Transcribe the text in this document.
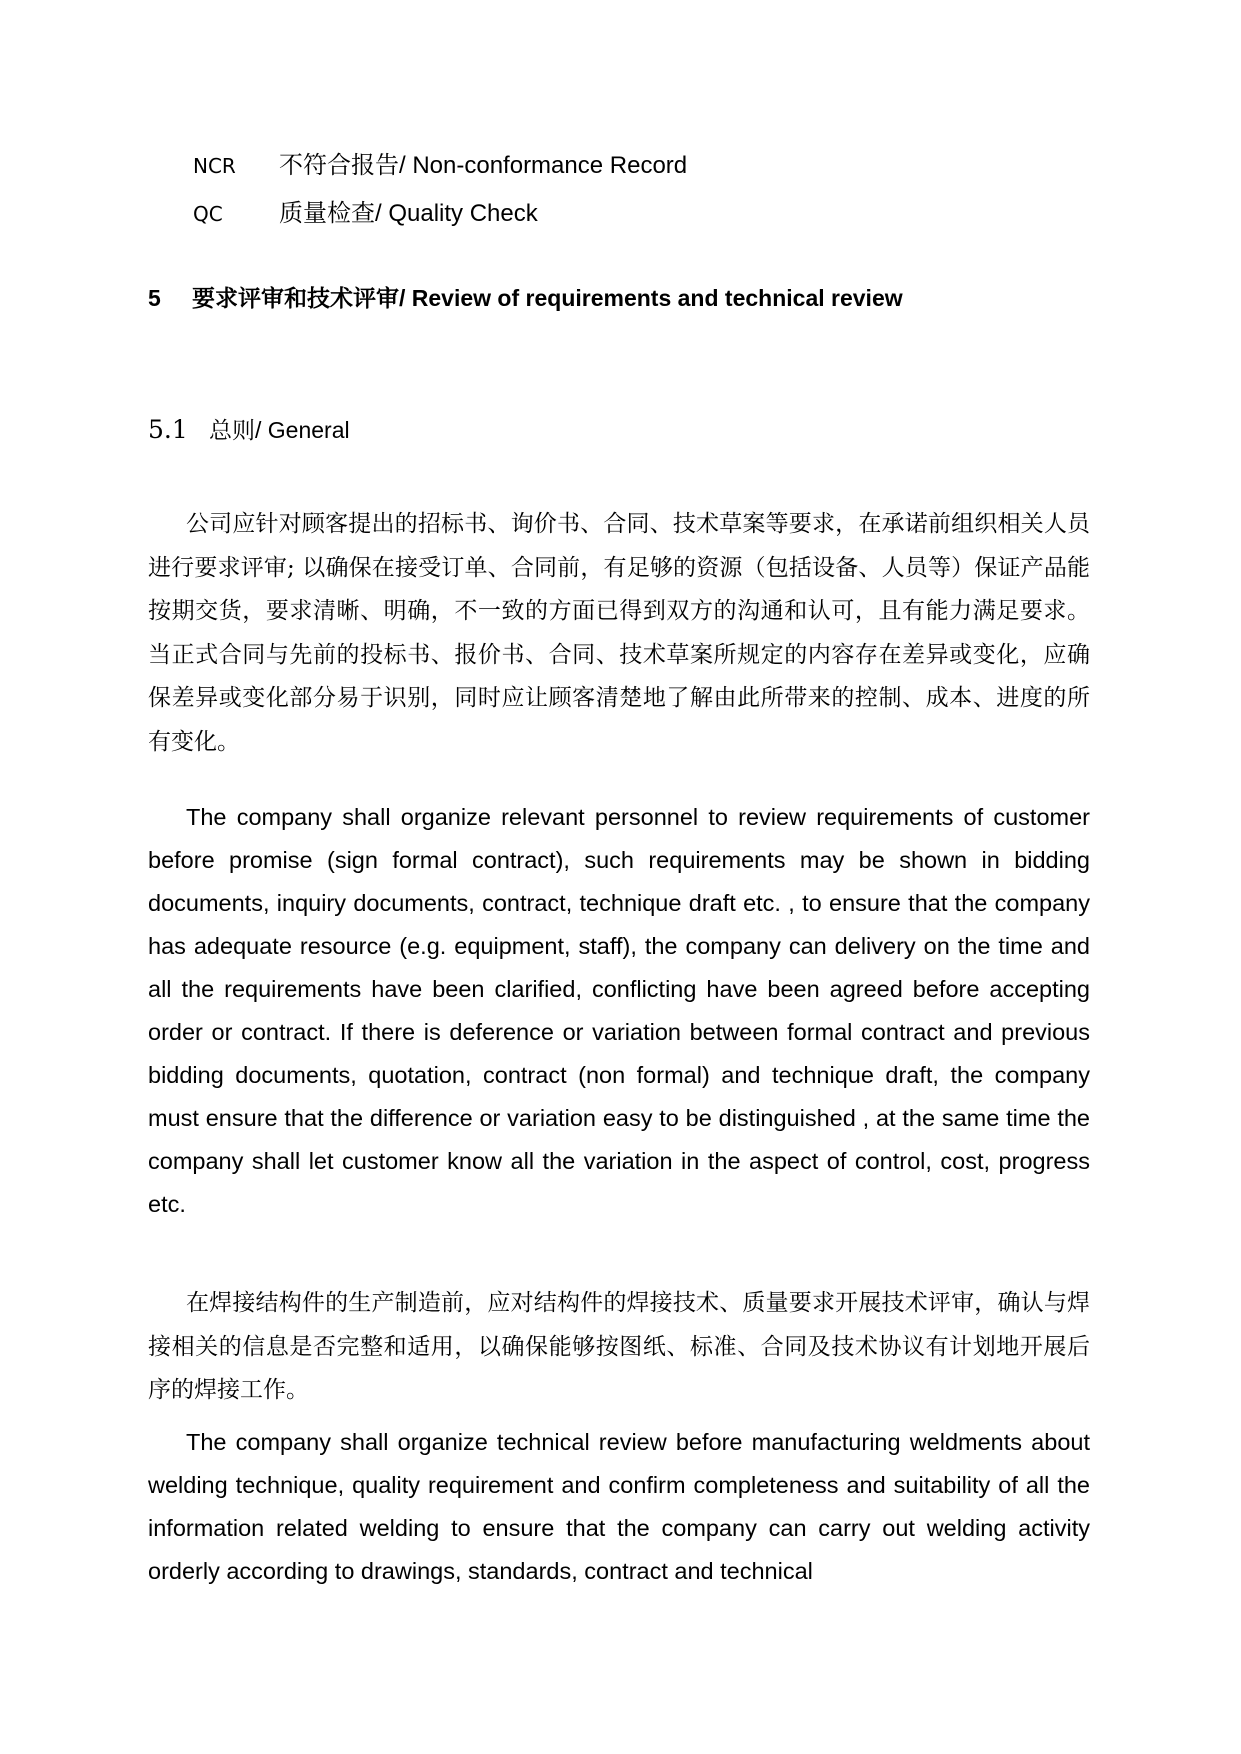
NCR 不符合报告/ Non-conformance Record
QC 质量检查/ Quality Check
5 要求评审和技术评审/ Review of requirements and technical review
5.1 总则/ General

公司应针对顾客提出的招标书、询价书、合同、技术草案等要求，在承诺前组织相关人员进行要求评审; 以确保在接受订单、合同前，有足够的资源（包括设备、人员等）保证产品能按期交货，要求清晰、明确，不一致的方面已得到双方的沟通和认可，且有能力满足要求。当正式合同与先前的投标书、报价书、合同、技术草案所规定的内容存在差异或变化，应确保差异或变化部分易于识别，同时应让顾客清楚地了解由此所带来的控制、成本、进度的所有变化。

The company shall organize relevant personnel to review requirements of customer before promise (sign formal contract), such requirements may be shown in bidding documents, inquiry documents, contract, technique draft etc. , to ensure that the company has adequate resource (e.g. equipment, staff), the company can delivery on the time and all the requirements have been clarified, conflicting have been agreed before accepting order or contract. If there is deference or variation between formal contract and previous bidding documents, quotation, contract (non formal) and technique draft, the company must ensure that the difference or variation easy to be distinguished , at the same time the company shall let customer know all the variation in the aspect of control, cost, progress etc.

在焊接结构件的生产制造前，应对结构件的焊接技术、质量要求开展技术评审，确认与焊接相关的信息是否完整和适用，以确保能够按图纸、标准、合同及技术协议有计划地开展后序的焊接工作。

The company shall organize technical review before manufacturing weldments about welding technique, quality requirement and confirm completeness and suitability of all the information related welding to ensure that the company can carry out welding activity orderly according to drawings, standards, contract and technical
